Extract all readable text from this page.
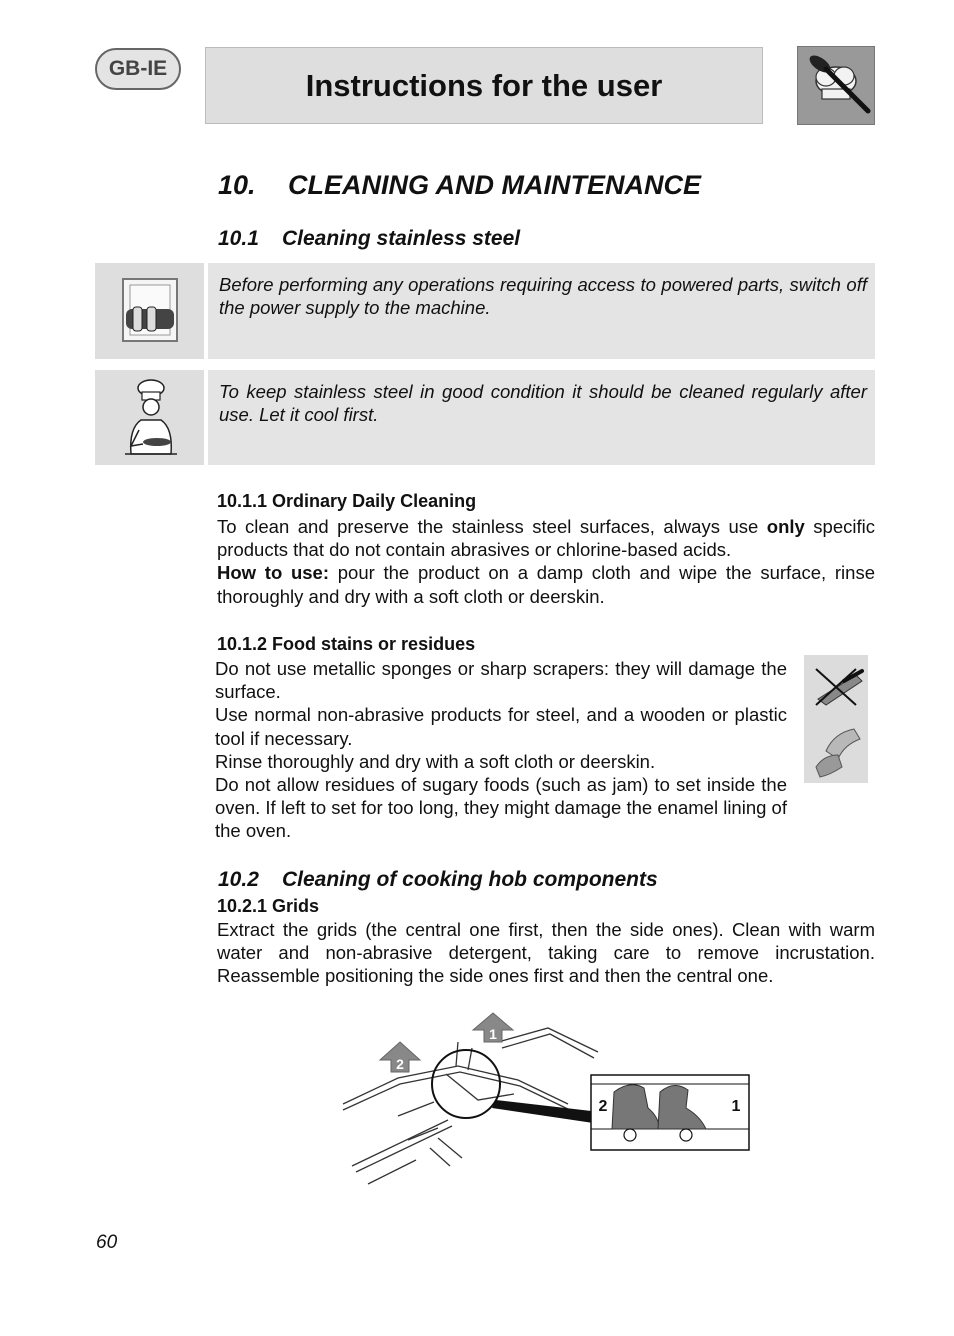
GB-IE	Instructions for the user
10. CLEANING AND MAINTENANCE
10.1 Cleaning stainless steel
Before performing any operations requiring access to powered parts, switch off the power supply to the machine.
To keep stainless steel in good condition it should be cleaned regularly after use. Let it cool first.
10.1.1 Ordinary Daily Cleaning

To clean and preserve the stainless steel surfaces, always use only specific products that do not contain abrasives or chlorine-based acids.

How to use: pour the product on a damp cloth and wipe the surface, rinse thoroughly and dry with a soft cloth or deerskin.

10.1.2 Food stains or residues

Do not use metallic sponges or sharp scrapers: they will damage the surface.

Use normal non-abrasive products for steel, and a wooden or plastic tool if necessary.

Rinse thoroughly and dry with a soft cloth or deerskin.

Do not allow residues of sugary foods (such as jam) to set inside the oven. If left to set for too long, they might damage the enamel lining of the oven.

10.2 Cleaning of cooking hob components
10.2.1 Grids

Extract the grids (the central one first, then the side ones). Clean with warm water and non-abrasive detergent, taking care to remove incrustation. Reassemble positioning the side ones first and then the central one.

1
2
2	1
60
